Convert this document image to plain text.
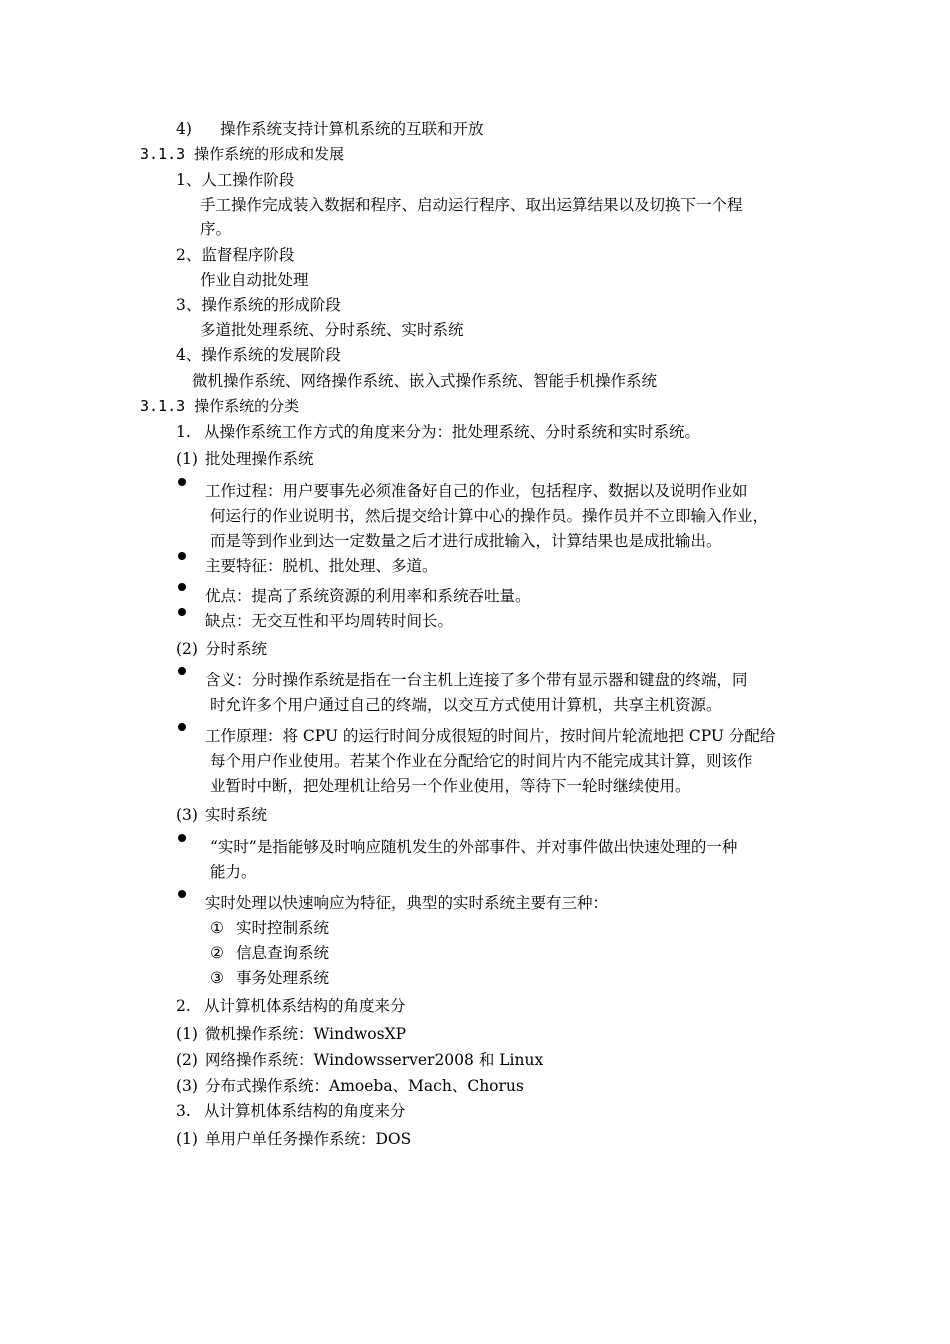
4) 操作系统支持计算机系统的互联和开放
3.1.3 操作系统的形成和发展
1、人工操作阶段
手工操作完成装入数据和程序、启动运行程序、取出运算结果以及切换下一个程
序。
2、监督程序阶段
作业自动批处理
3、操作系统的形成阶段
多道批处理系统、分时系统、实时系统
4、操作系统的发展阶段
微机操作系统、网络操作系统、嵌入式操作系统、智能手机操作系统
3.1.3 操作系统的分类
1. 从操作系统工作方式的角度来分为：批处理系统、分时系统和实时系统。
(1) 批处理操作系统
工作过程：用户要事先必须准备好自己的作业，包括程序、数据以及说明作业如
何运行的作业说明书，然后提交给计算中心的操作员。操作员并不立即输入作业，
而是等到作业到达一定数量之后才进行成批输入，计算结果也是成批输出。
主要特征：脱机、批处理、多道。
优点：提高了系统资源的利用率和系统吞吐量。
缺点：无交互性和平均周转时间长。
(2) 分时系统
含义：分时操作系统是指在一台主机上连接了多个带有显示器和键盘的终端，同
时允许多个用户通过自己的终端，以交互方式使用计算机，共享主机资源。
工作原理：将 CPU 的运行时间分成很短的时间片，按时间片轮流地把 CPU 分配给
每个用户作业使用。若某个作业在分配给它的时间片内不能完成其计算，则该作
业暂时中断，把处理机让给另一个作业使用，等待下一轮时继续使用。
(3) 实时系统
“实时”是指能够及时响应随机发生的外部事件、并对事件做出快速处理的一种
能力。
实时处理以快速响应为特征，典型的实时系统主要有三种：
① 实时控制系统
② 信息查询系统
③ 事务处理系统
2. 从计算机体系结构的角度来分
(1) 微机操作系统：WindwosXP
(2) 网络操作系统：Windowsserver2008 和 Linux
(3) 分布式操作系统：Amoeba、Mach、Chorus
3. 从计算机体系结构的角度来分
(1) 单用户单任务操作系统：DOS
